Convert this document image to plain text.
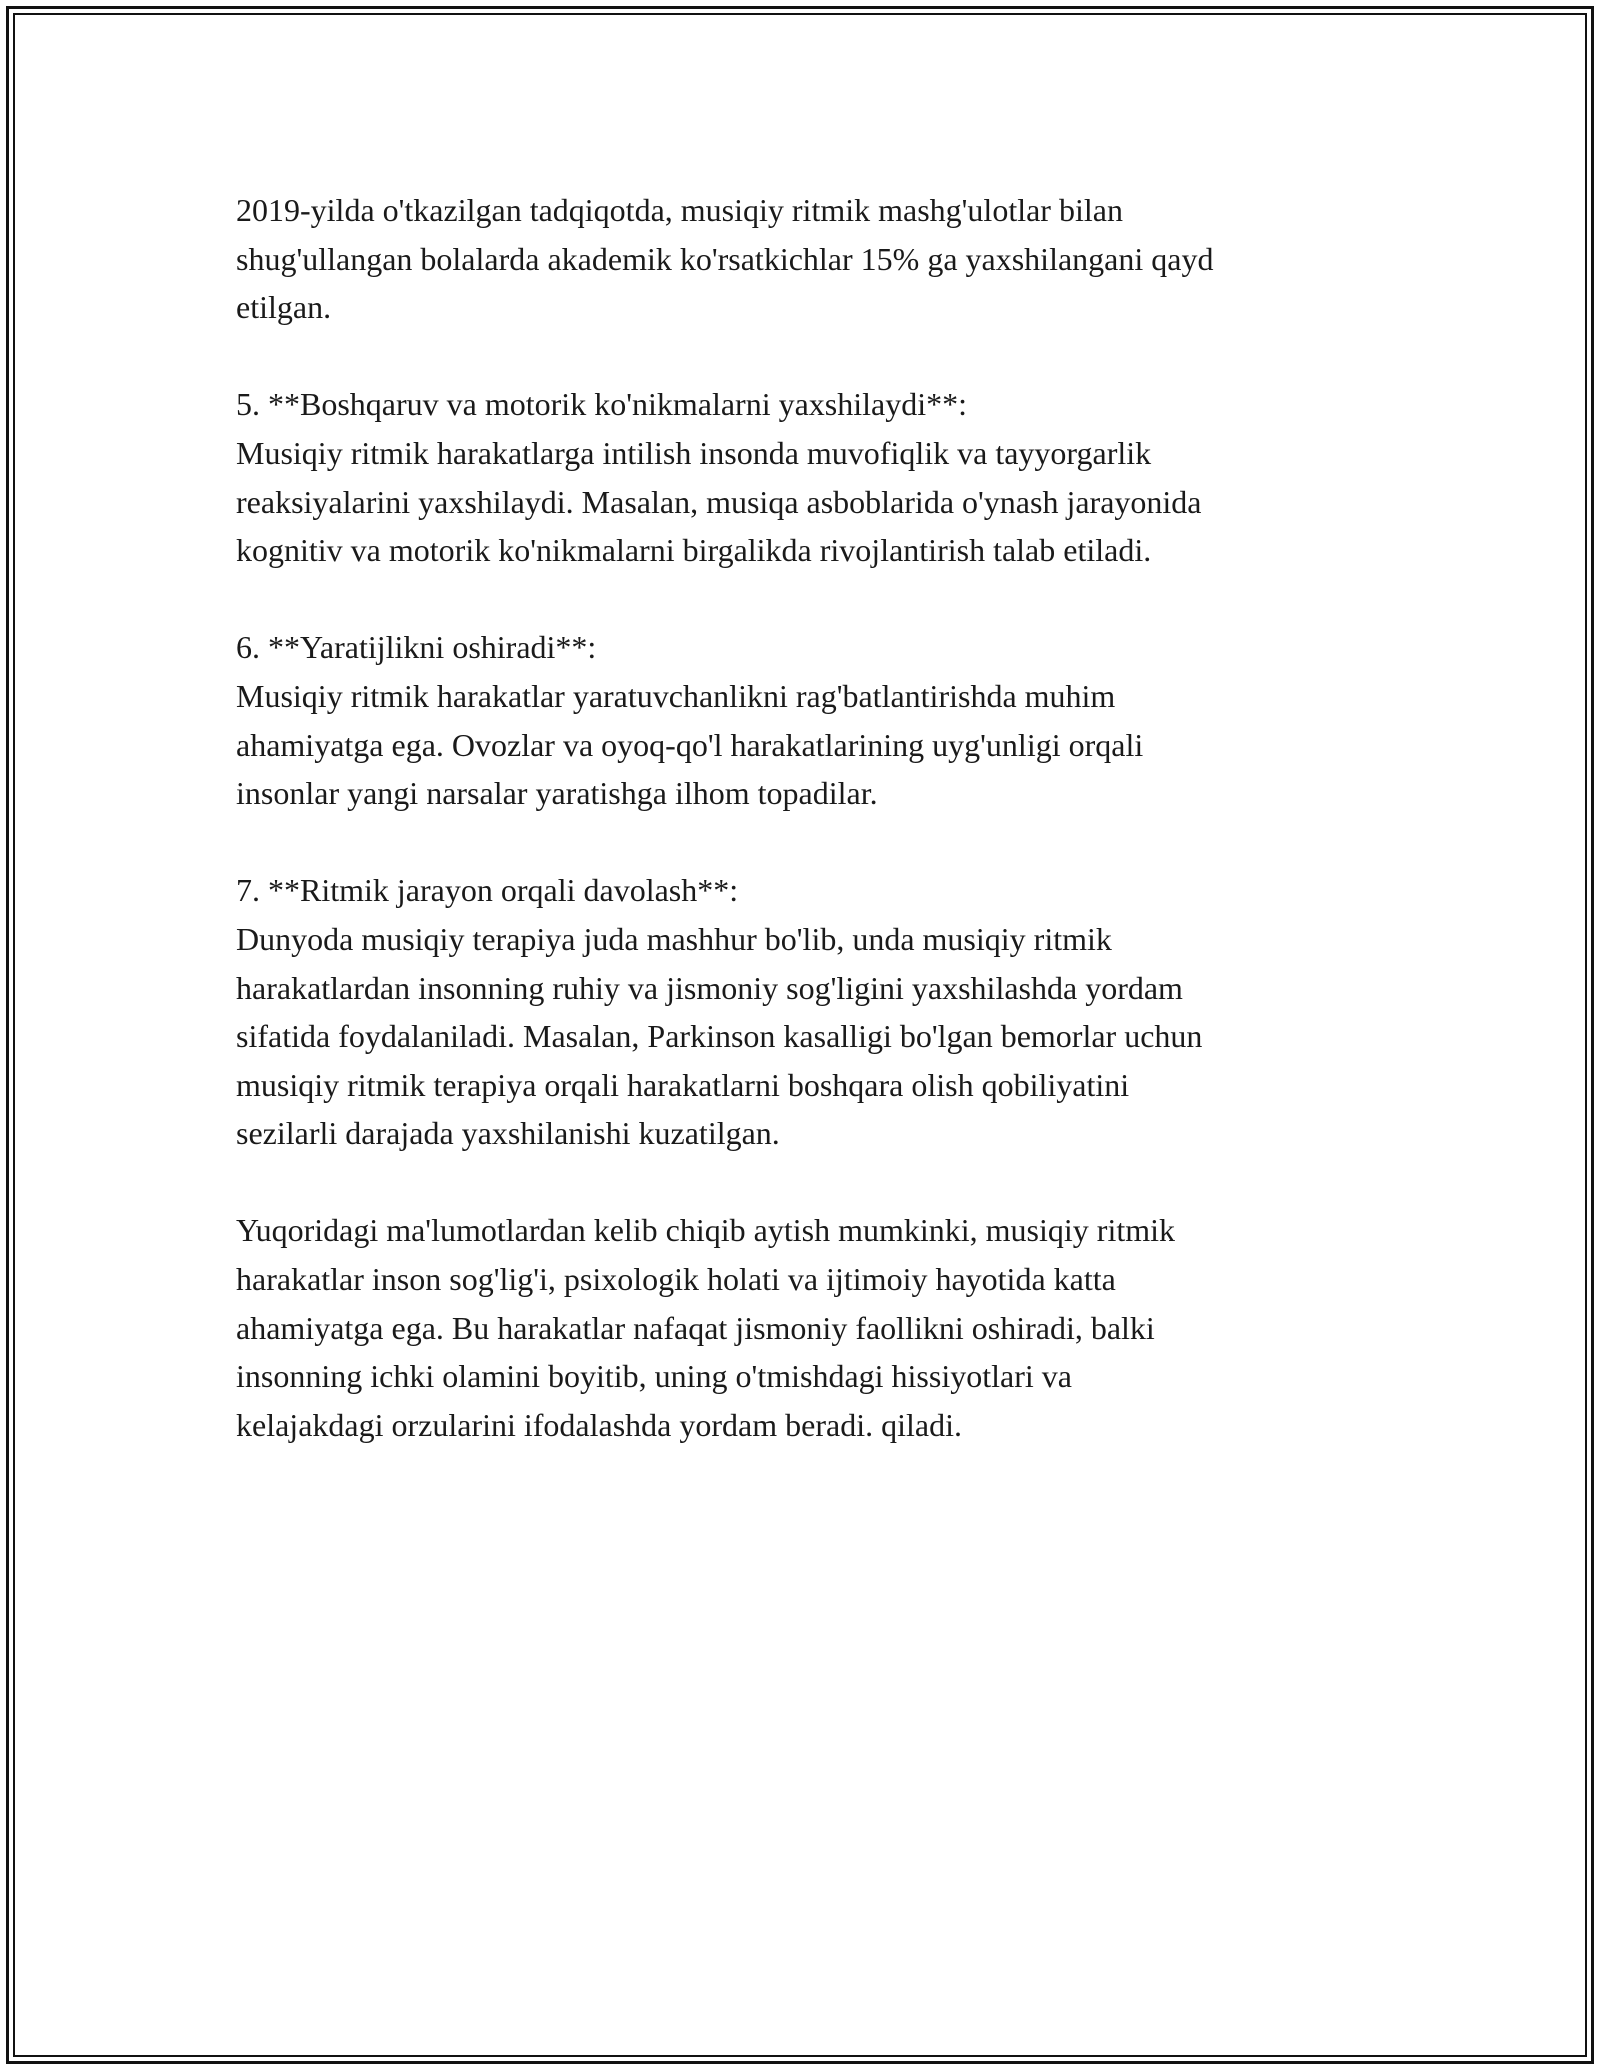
2019-yilda o'tkazilgan tadqiqotda, musiqiy ritmik mashg'ulotlar bilan
shug'ullangan bolalarda akademik ko'rsatkichlar 15% ga yaxshilangani qayd
etilgan.

5. **Boshqaruv va motorik ko'nikmalarni yaxshilaydi**:

Musiqiy ritmik harakatlarga intilish insonda muvofiqlik va tayyorgarlik
reaksiyalarini yaxshilaydi. Masalan, musiqa asboblarida o'ynash jarayonida
kognitiv va motorik ko'nikmalarni birgalikda rivojlantirish talab etiladi.

6. **Yaratijlikni oshiradi**:

Musiqiy ritmik harakatlar yaratuvchanlikni rag'batlantirishda muhim
ahamiyatga ega. Ovozlar va oyoq-qo'l harakatlarining uyg'unligi orqali
insonlar yangi narsalar yaratishga ilhom topadilar.

7. **Ritmik jarayon orqali davolash**:

Dunyoda musiqiy terapiya juda mashhur bo'lib, unda musiqiy ritmik
harakatlardan insonning ruhiy va jismoniy sog'ligini yaxshilashda yordam
sifatida foydalaniladi. Masalan, Parkinson kasalligi bo'lgan bemorlar uchun
musiqiy ritmik terapiya orqali harakatlarni boshqara olish qobiliyatini
sezilarli darajada yaxshilanishi kuzatilgan.

Yuqoridagi ma'lumotlardan kelib chiqib aytish mumkinki, musiqiy ritmik
harakatlar inson sog'lig'i, psixologik holati va ijtimoiy hayotida katta
ahamiyatga ega. Bu harakatlar nafaqat jismoniy faollikni oshiradi, balki
insonning ichki olamini boyitib, uning o'tmishdagi hissiyotlari va
kelajakdagi orzularini ifodalashda yordam beradi. qiladi.
